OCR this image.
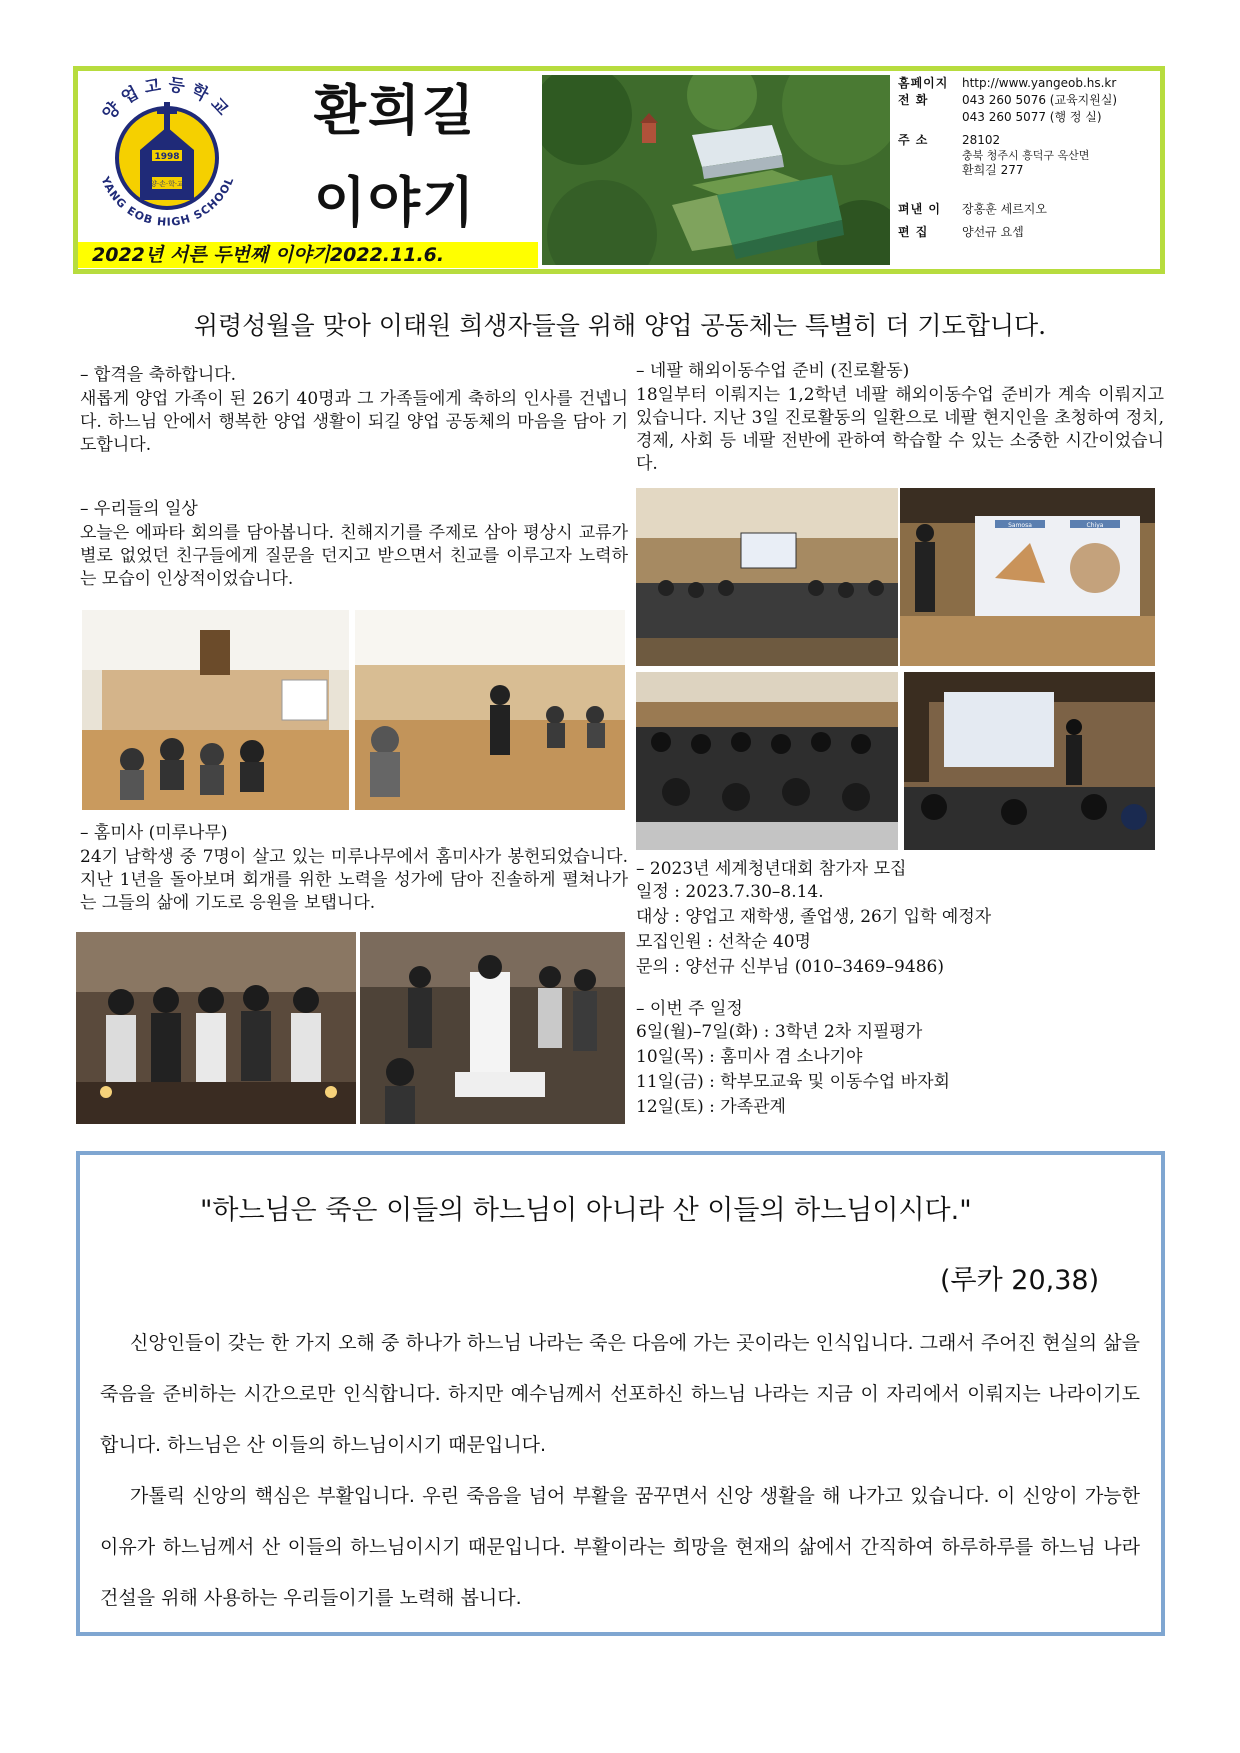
1998
양·손·학·교
양업고등학교
YANG EOB HIGH SCHOOL
환희길
이야기
2022년 서른 두번째 이야기2022.11.6.
홈페이지	http://www.yangeob.hs.kr
전 화	043 260 5076 (교육지원실)
043 260 5077 (행 정 실)
주 소	28102
충북 청주시 흥덕구 옥산면
환희길 277
펴낸 이	장홍훈 세르지오
편 집	양선규 요셉
위령성월을 맞아 이태원 희생자들을 위해 양업 공동체는 특별히 더 기도합니다.
– 합격을 축하합니다.
새롭게 양업 가족이 된 26기 40명과 그 가족들에게 축하의 인사를 건넵니다. 하느님 안에서 행복한 양업 생활이 되길 양업 공동체의 마음을 담아 기도합니다.
– 우리들의 일상
오늘은 에파타 회의를 담아봅니다. 친해지기를 주제로 삼아 평상시 교류가 별로 없었던 친구들에게 질문을 던지고 받으면서 친교를 이루고자 노력하는 모습이 인상적이었습니다.
– 홈미사 (미루나무)
24기 남학생 중 7명이 살고 있는 미루나무에서 홈미사가 봉헌되었습니다. 지난 1년을 돌아보며 회개를 위한 노력을 성가에 담아 진솔하게 펼쳐나가는 그들의 삶에 기도로 응원을 보탭니다.
– 네팔 해외이동수업 준비 (진로활동)
18일부터 이뤄지는 1,2학년 네팔 해외이동수업 준비가 계속 이뤄지고 있습니다. 지난 3일 진로활동의 일환으로 네팔 현지인을 초청하여 정치, 경제, 사회 등 네팔 전반에 관하여 학습할 수 있는 소중한 시간이었습니다.
Samosa	Chiya
– 2023년 세계청년대회 참가자 모집
일정 : 2023.7.30–8.14.
대상 : 양업고 재학생, 졸업생, 26기 입학 예정자
모집인원 : 선착순 40명
문의 : 양선규 신부님 (010–3469–9486)
– 이번 주 일정
6일(월)–7일(화) : 3학년 2차 지필평가
10일(목) : 홈미사 겸 소나기야
11일(금) : 학부모교육 및 이동수업 바자회
12일(토) : 가족관계
"하느님은 죽은 이들의 하느님이 아니라 산 이들의 하느님이시다."
(루카 20,38)
신앙인들이 갖는 한 가지 오해 중 하나가 하느님 나라는 죽은 다음에 가는 곳이라는 인식입니다. 그래서 주어진 현실의 삶을 죽음을 준비하는 시간으로만 인식합니다. 하지만 예수님께서 선포하신 하느님 나라는 지금 이 자리에서 이뤄지는 나라이기도 합니다. 하느님은 산 이들의 하느님이시기 때문입니다.
가톨릭 신앙의 핵심은 부활입니다. 우린 죽음을 넘어 부활을 꿈꾸면서 신앙 생활을 해 나가고 있습니다. 이 신앙이 가능한 이유가 하느님께서 산 이들의 하느님이시기 때문입니다. 부활이라는 희망을 현재의 삶에서 간직하여 하루하루를 하느님 나라 건설을 위해 사용하는 우리들이기를 노력해 봅니다.
